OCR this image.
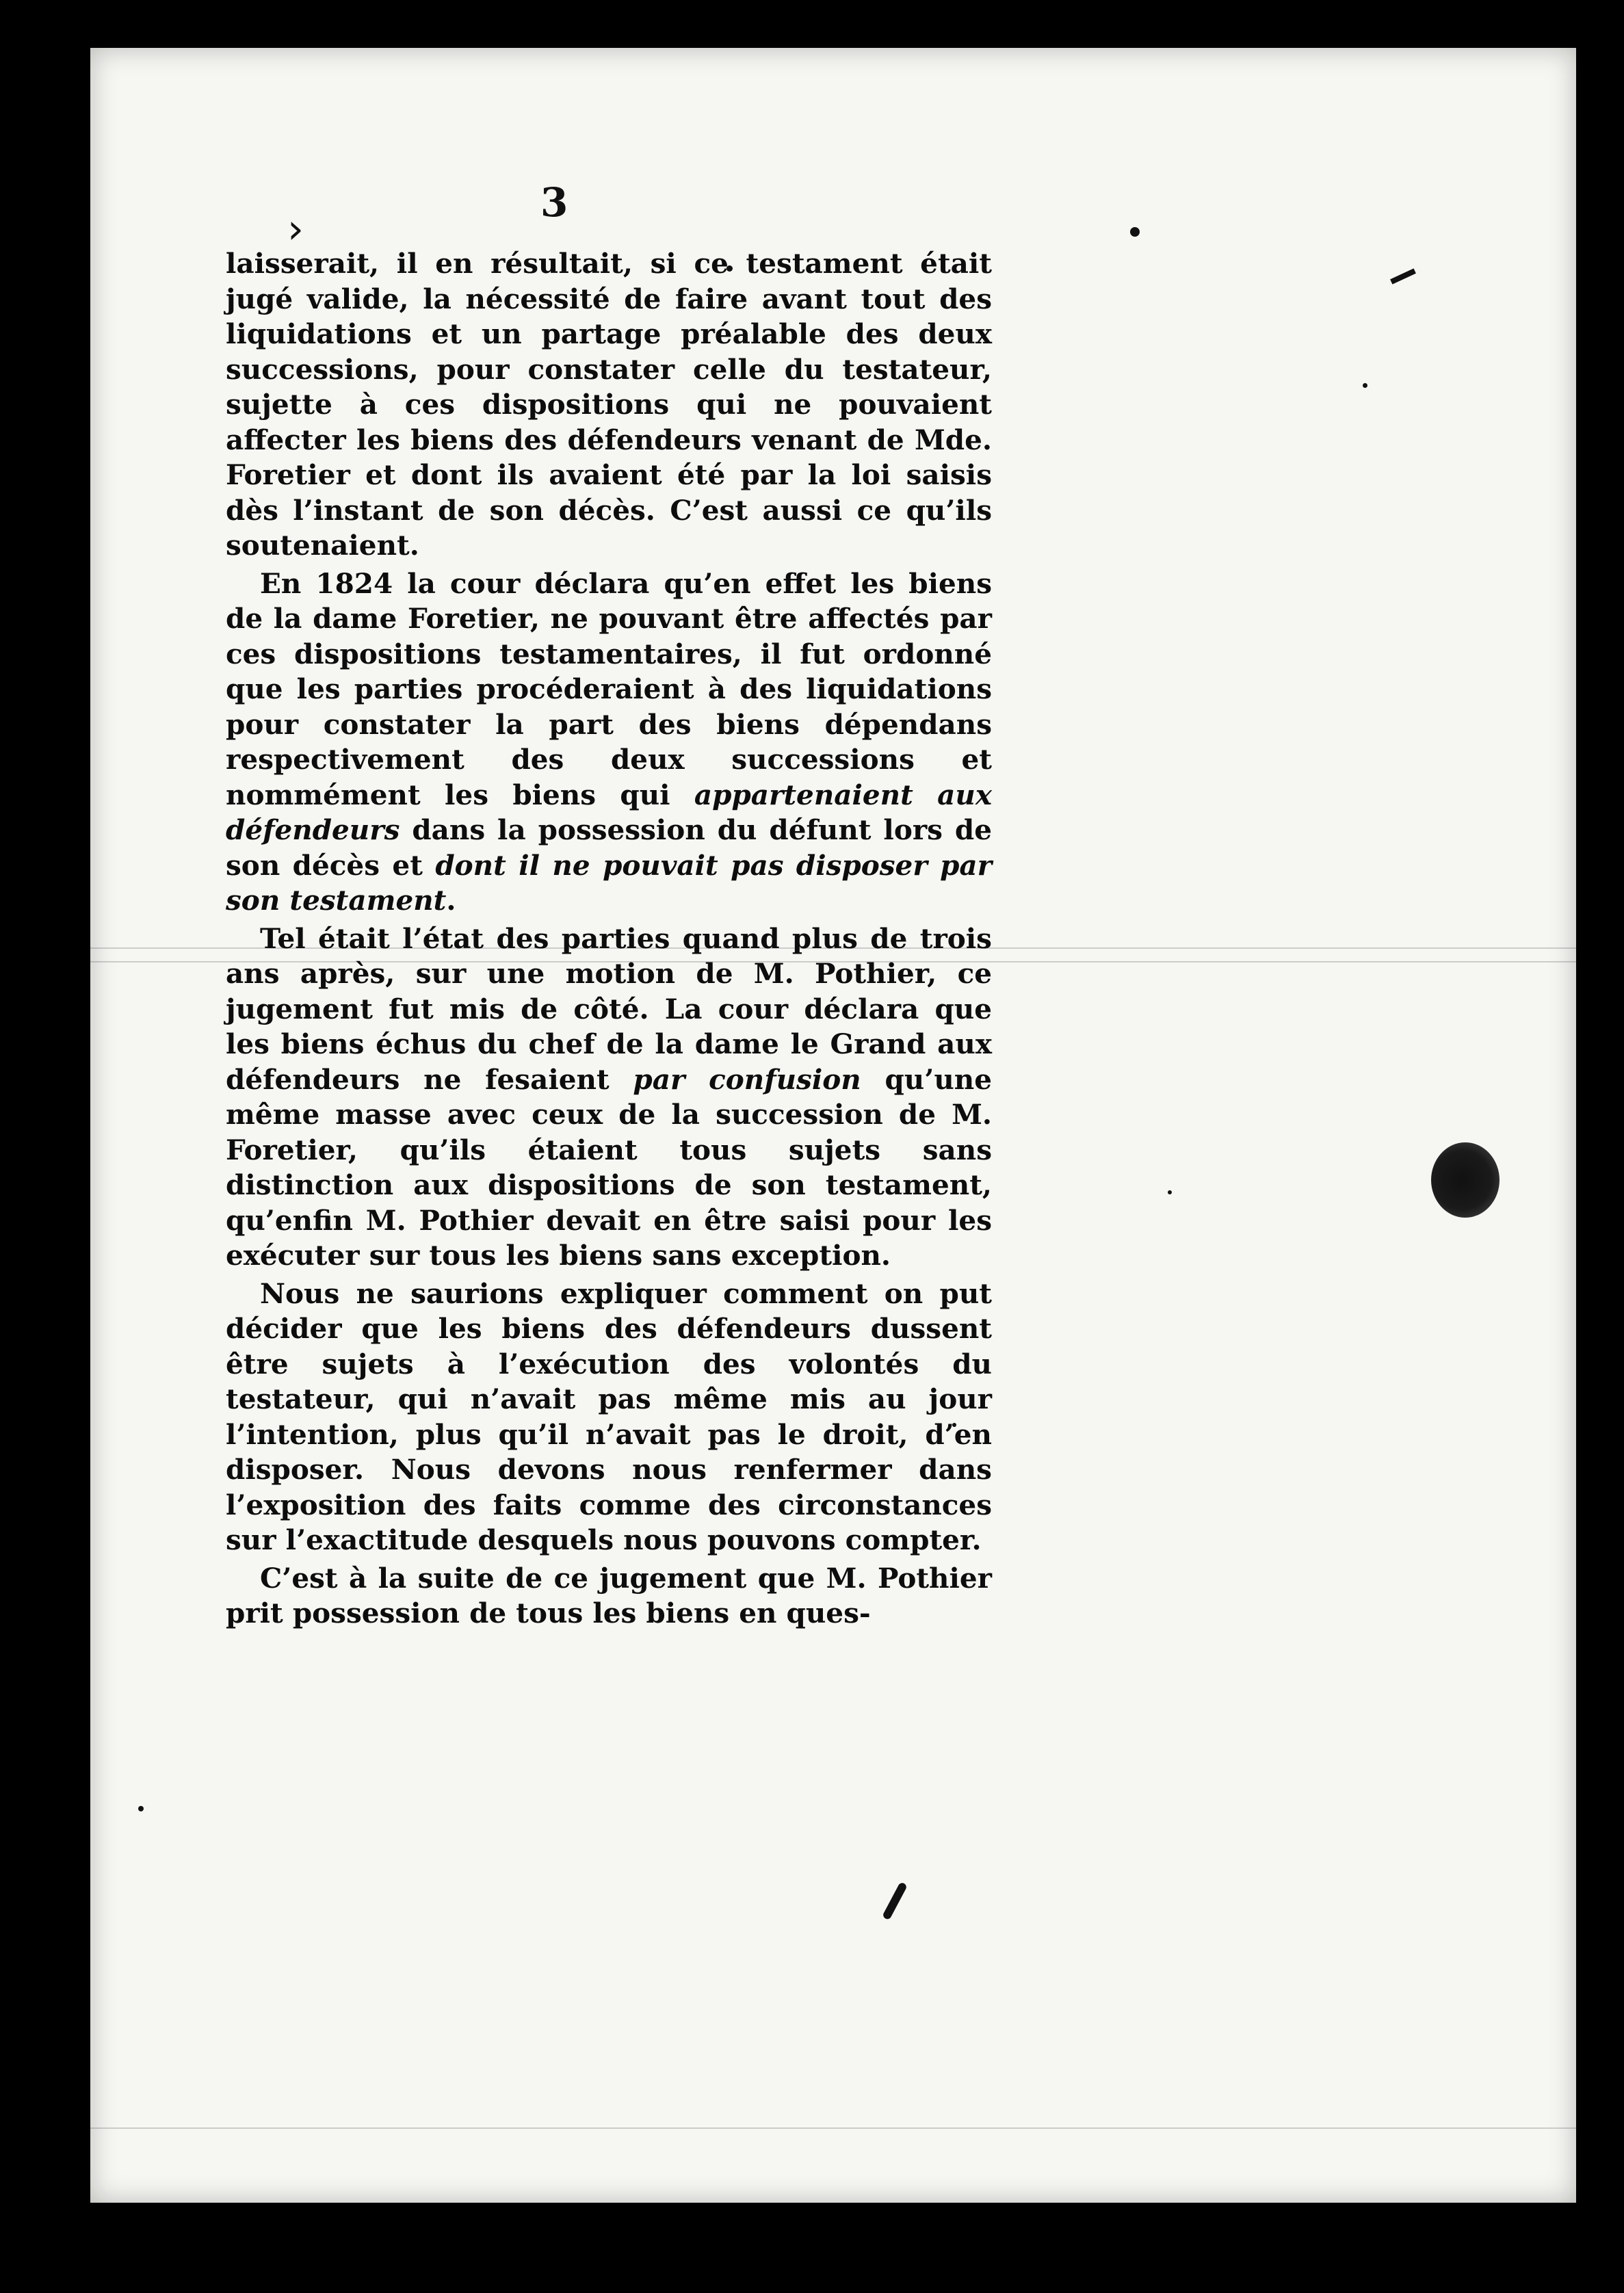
3
›

laisserait, il en résultait, si ce testament était jugé valide, la nécessité de faire avant tout des liquidations et un partage préalable des deux successions, pour constater celle du testateur, sujette à ces dispositions qui ne pouvaient affecter les biens des défendeurs venant de Mde. Foretier et dont ils avaient été par la loi saisis dès l’instant de son décès. C’est aussi ce qu’ils soutenaient.

En 1824 la cour déclara qu’en effet les biens de la dame Foretier, ne pouvant être affectés par ces dispositions testamentaires, il fut ordonné que les parties procéderaient à des liquidations pour constater la part des biens dépendans respectivement des deux successions et nommément les biens qui appartenaient aux défendeurs dans la possession du défunt lors de son décès et dont il ne pouvait pas disposer par son testament.

Tel était l’état des parties quand plus de trois ans après, sur une motion de M. Pothier, ce jugement fut mis de côté. La cour déclara que les biens échus du chef de la dame le Grand aux défendeurs ne fesaient par confusion qu’une même masse avec ceux de la succession de M. Foretier, qu’ils étaient tous sujets sans distinction aux dispositions de son testament, qu’enfin M. Pothier devait en être saisi pour les exécuter sur tous les biens sans exception.

Nous ne saurions expliquer comment on put décider que les biens des défendeurs dussent être sujets à l’exécution des volontés du testateur, qui n’avait pas même mis au jour l’intention, plus qu’il n’avait pas le droit, d’en disposer. Nous devons nous renfermer dans l’exposition des faits comme des circonstances sur l’exactitude desquels nous pouvons compter.

C’est à la suite de ce jugement que M. Pothier prit possession de tous les biens en ques-
